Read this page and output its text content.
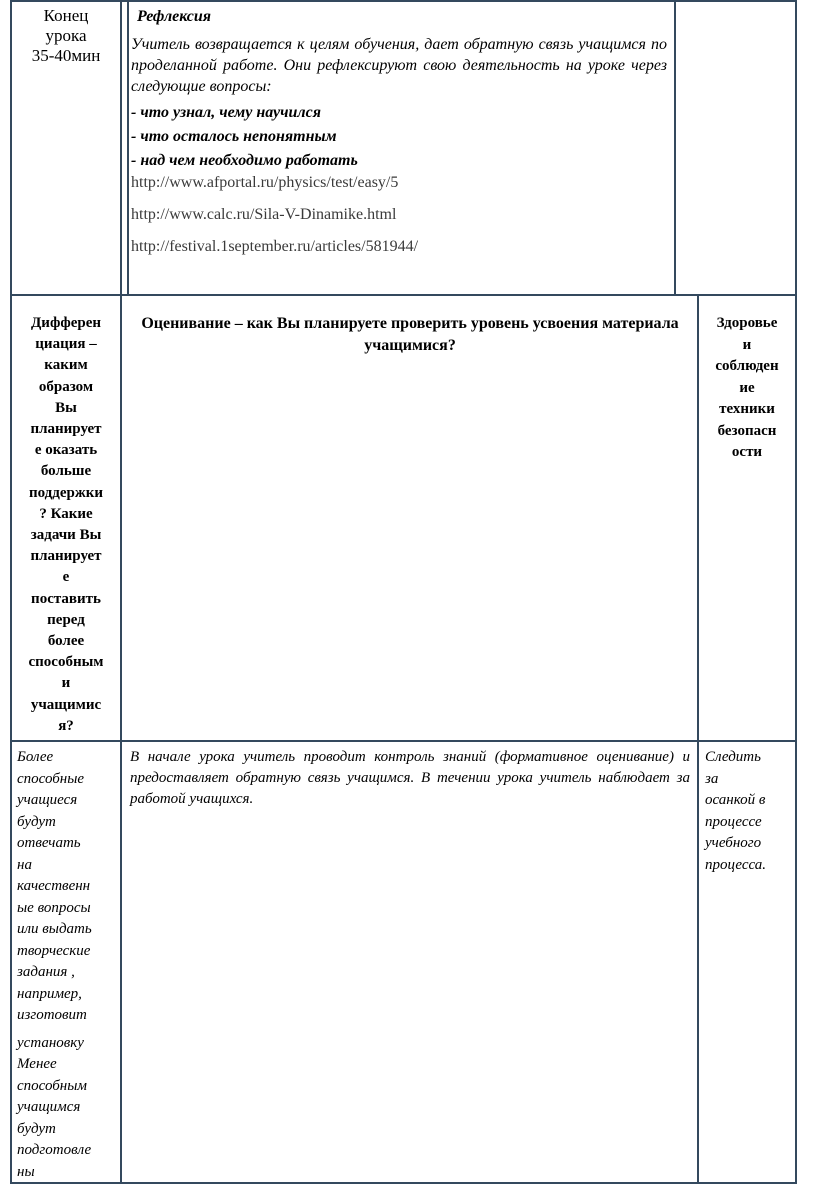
Конец
урока
35-40мин
Рефлексия
Учитель возвращается к целям обучения, дает обратную связь учащимся по проделанной работе. Они рефлексируют свою деятельность на уроке через следующие вопросы:
- что узнал, чему научился
- что осталось непонятным
- над чем необходимо работать
http://www.afportal.ru/physics/test/easy/5
http://www.calc.ru/Sila-V-Dinamike.html
http://festival.1september.ru/articles/581944/
Дифферен
циация –
каким
образом
Вы
планирует
е оказать
больше
поддержки
? Какие
задачи Вы
планирует
е
поставить
перед
более
способным
и
учащимис
я?
Оценивание – как Вы планируете проверить уровень усвоения материала учащимися?
Здоровье
и
соблюден
ие
техники
безопасн
ости
Более
способные
учащиеся
будут
отвечать
на
качественн
ые вопросы
или выдать
творческие
задания ,
например,
изготовит
установку
Менее
способным
учащимся
будут
подготовле
ны
В начале урока учитель проводит контроль знаний (формативное оценивание) и предоставляет обратную связь учащимся. В течении урока учитель наблюдает за работой учащихся.
Следить
за
осанкой в
процессе
учебного
процесса.
